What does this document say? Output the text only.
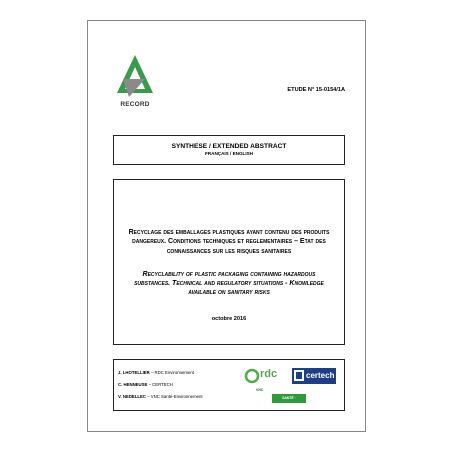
RECORD
ETUDE N° 15-0154/1A
SYNTHESE / EXTENDED ABSTRACT
FRANÇAIS / ENGLISH
Recyclage des emballages plastiques ayant contenu des produits dangereux. Conditions techniques et reglementaires – Etat des connaissances sur les risques sanitaires
Recyclability of plastic packaging containing hazardous substances. Technical and regulatory situations - Knowledge available on sanitary risks
octobre 2016
J. LHOTELLIER – RDC Environnement
C. HENNEUSE – CERTECH
V. NEDELLEC – VNC Santé-Environnement
rdc	certech
VNC
SANTÉ · ENVIRONNEMENT
